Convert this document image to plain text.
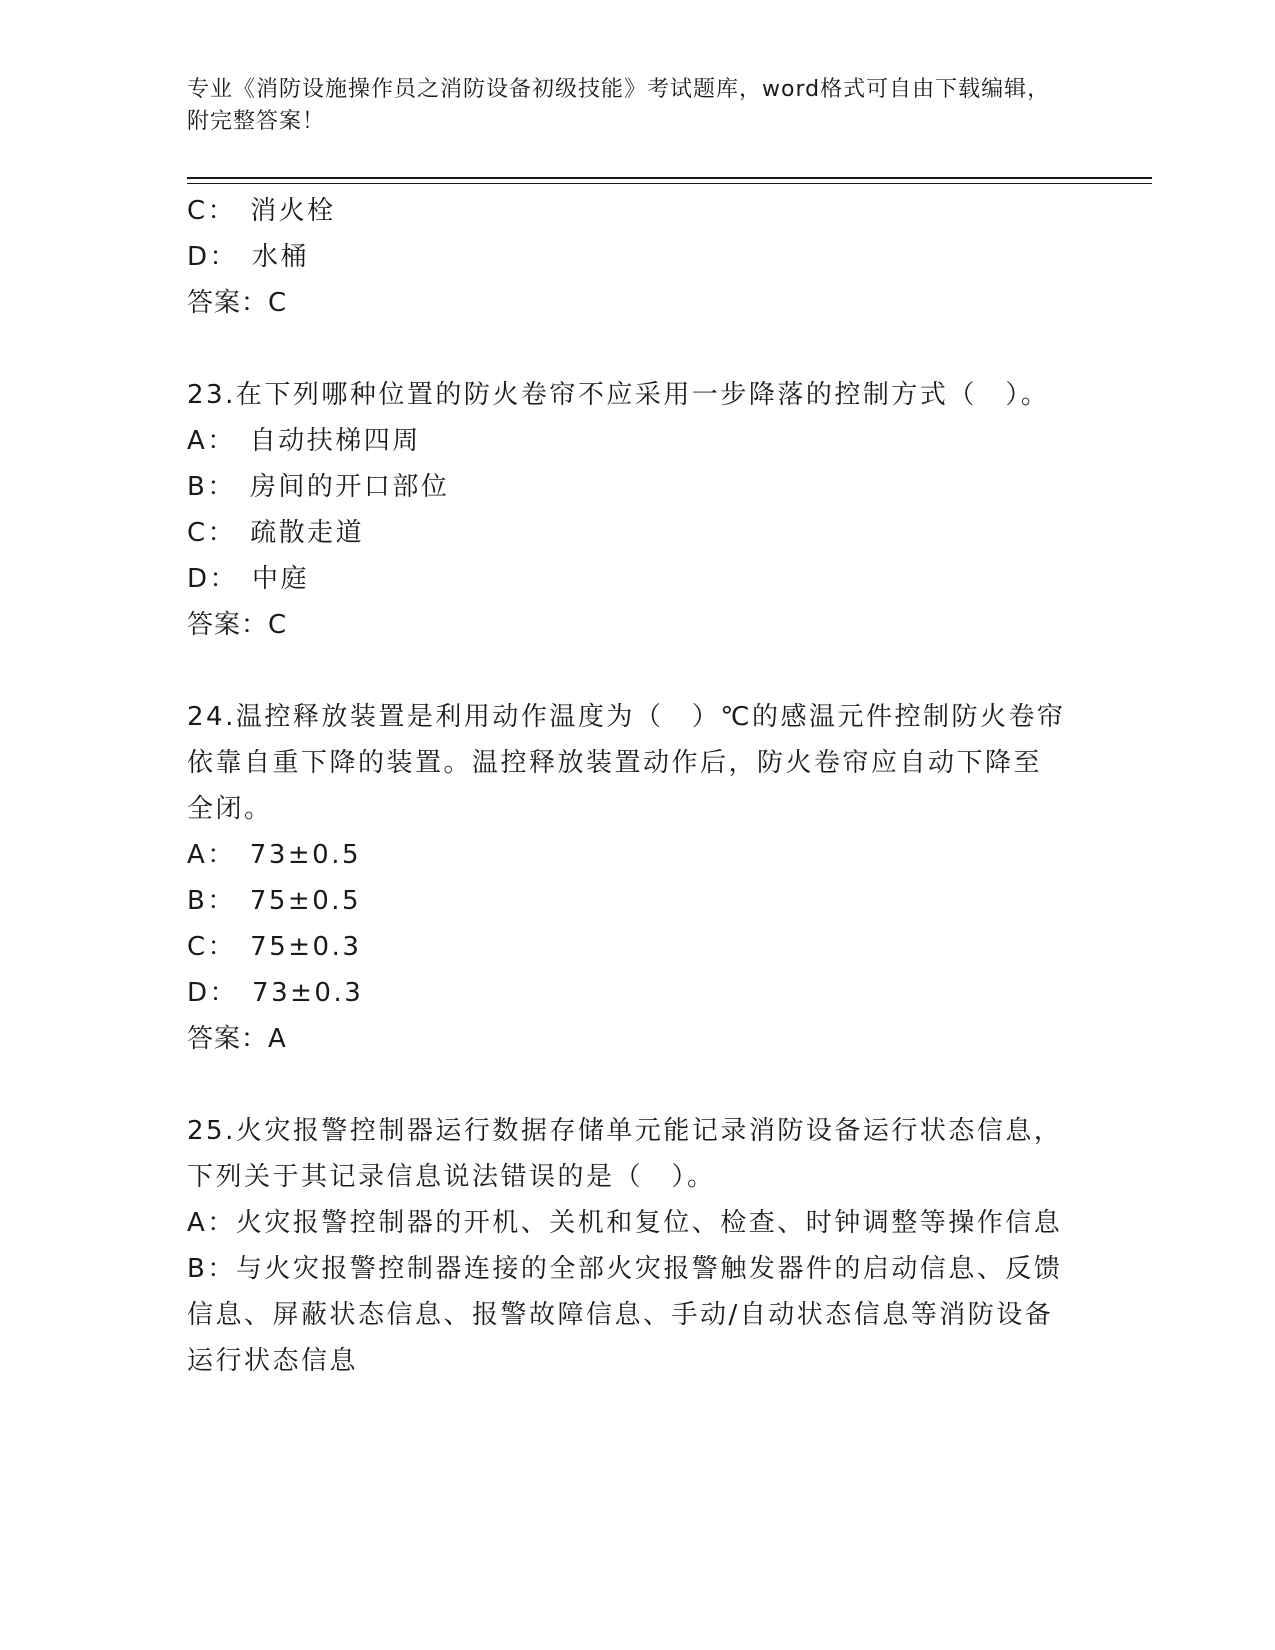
专业《消防设施操作员之消防设备初级技能》考试题库，word格式可自由下载编辑，附完整答案！
C： 消火栓
D： 水桶
答案：C
23.在下列哪种位置的防火卷帘不应采用一步降落的控制方式（　）。
A： 自动扶梯四周
B： 房间的开口部位
C： 疏散走道
D： 中庭
答案：C
24.温控释放装置是利用动作温度为（　）℃的感温元件控制防火卷帘
依靠自重下降的装置。温控释放装置动作后，防火卷帘应自动下降至
全闭。
A： 73±0.5
B： 75±0.5
C： 75±0.3
D： 73±0.3
答案：A
25.火灾报警控制器运行数据存储单元能记录消防设备运行状态信息，
下列关于其记录信息说法错误的是（　）。
A：火灾报警控制器的开机、关机和复位、检查、时钟调整等操作信息
B：与火灾报警控制器连接的全部火灾报警触发器件的启动信息、反馈
信息、屏蔽状态信息、报警故障信息、手动/自动状态信息等消防设备
运行状态信息
